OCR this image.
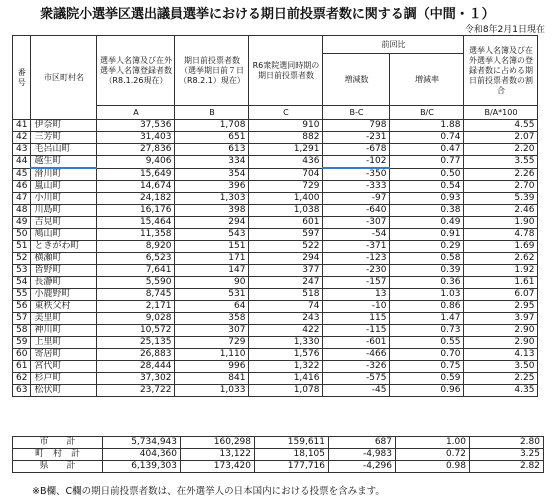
衆議院小選挙区選出議員選挙における期日前投票者数に関する調（中間・１）
令和8年2月1日現在
番号	市区町村名	選挙人名簿及び在外選挙人名簿登録者数（R8.1.26現在）	期日前投票者数（選挙期日前７日（R8.2.1）現在）	R6衆院選同時期の期日前投票者数	前回比		選挙人名簿及び在外選挙人名簿の登録者数に占める期日前投票者数の割合
					増減数	増減率	
		A	B	C	B-C	B/C	B/A*100
41	伊奈町	37,536	1,708	910	798	1.88	4.55
42	三芳町	31,403	651	882	-231	0.74	2.07
43	毛呂山町	27,836	613	1,291	-678	0.47	2.20
44	越生町	9,406	334	436	-102	0.77	3.55
45	滑川町	15,649	354	704	-350	0.50	2.26
46	嵐山町	14,674	396	729	-333	0.54	2.70
47	小川町	24,182	1,303	1,400	-97	0.93	5.39
48	川島町	16,176	398	1,038	-640	0.38	2.46
49	吉見町	15,464	294	601	-307	0.49	1.90
50	鳩山町	11,358	543	597	-54	0.91	4.78
51	ときがわ町	8,920	151	522	-371	0.29	1.69
52	横瀬町	6,523	171	294	-123	0.58	2.62
53	皆野町	7,641	147	377	-230	0.39	1.92
54	長瀞町	5,590	90	247	-157	0.36	1.61
55	小鹿野町	8,745	531	518	13	1.03	6.07
56	東秩父村	2,171	64	74	-10	0.86	2.95
57	美里町	9,028	358	243	115	1.47	3.97
58	神川町	10,572	307	422	-115	0.73	2.90
59	上里町	25,135	729	1,330	-601	0.55	2.90
60	寄居町	26,883	1,110	1,576	-466	0.70	4.13
61	宮代町	28,444	996	1,322	-326	0.75	3.50
62	杉戸町	37,302	841	1,416	-575	0.59	2.25
63	松伏町	23,722	1,033	1,078	-45	0.96	4.35
市　　計	5,734,943	160,298	159,611	687	1.00	2.80
町　村　計	404,360	13,122	18,105	-4,983	0.72	3.25
県　　計	6,139,303	173,420	177,716	-4,296	0.98	2.82
※B欄、C欄の期日前投票者数は、在外選挙人の日本国内における投票を含みます。
